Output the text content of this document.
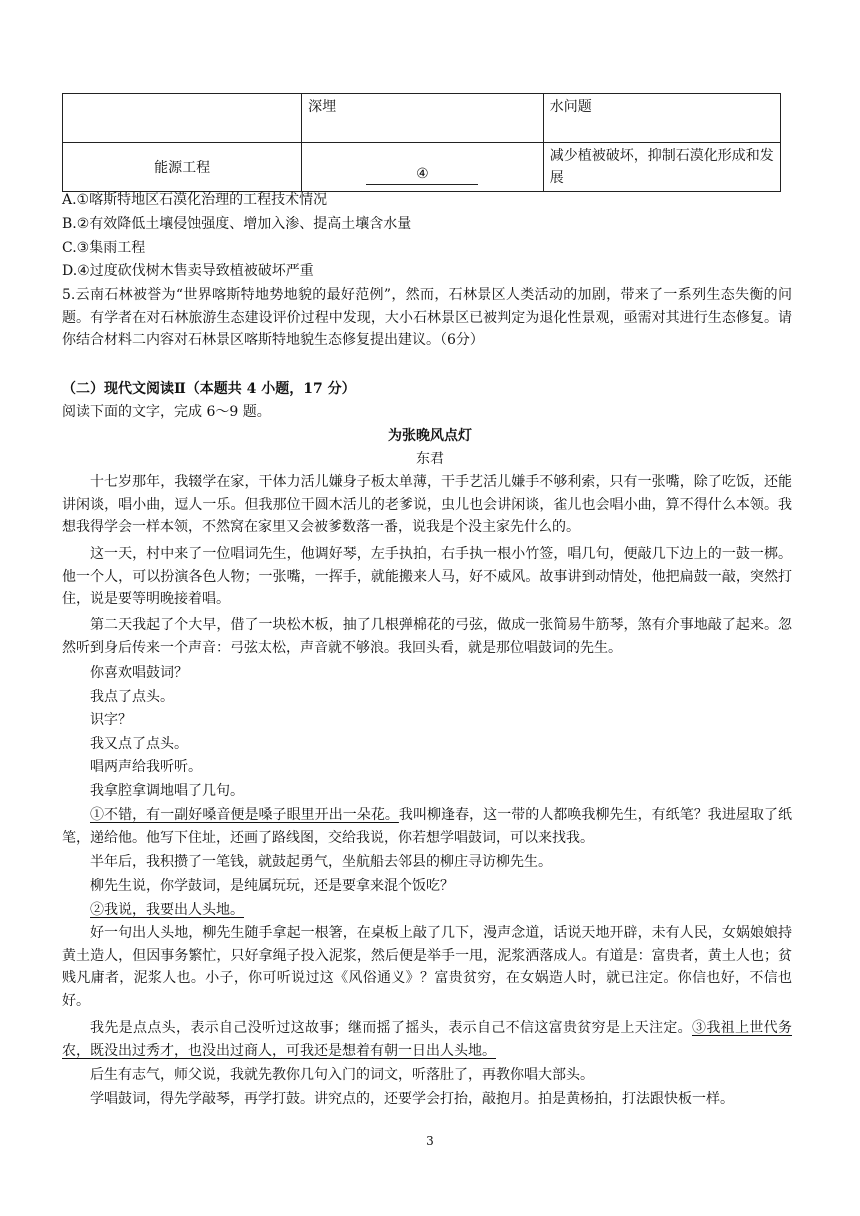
	深埋	水问题

能源工程	④	减少植被破坏，抑制石漠化形成和发展
A.①喀斯特地区石漠化治理的工程技术情况
B.②有效降低土壤侵蚀强度、增加入渗、提高土壤含水量
C.③集雨工程
D.④过度砍伐树木售卖导致植被破坏严重
5.云南石林被誉为“世界喀斯特地势地貌的最好范例”，然而，石林景区人类活动的加剧，带来了一系列生态失衡的问题。有学者在对石林旅游生态建设评价过程中发现，大小石林景区已被判定为退化性景观，亟需对其进行生态修复。请你结合材料二内容对石林景区喀斯特地貌生态修复提出建议。（6分）
（二）现代文阅读Ⅱ（本题共 4 小题，17 分）
阅读下面的文字，完成 6～9 题。
为张晚风点灯
东君
十七岁那年，我辍学在家，干体力活儿嫌身子板太单薄，干手艺活儿嫌手不够利索，只有一张嘴，除了吃饭，还能讲闲谈，唱小曲，逗人一乐。但我那位干圆木活儿的老爹说，虫儿也会讲闲谈，雀儿也会唱小曲，算不得什么本领。我想我得学会一样本领，不然窝在家里又会被爹数落一番，说我是个没主家先什么的。
这一天，村中来了一位唱词先生，他调好琴，左手执拍，右手执一根小竹签，唱几句，便敲几下边上的一鼓一梆。他一个人，可以扮演各色人物；一张嘴，一挥手，就能搬来人马，好不威风。故事讲到动情处，他把扁鼓一敲，突然打住，说是要等明晚接着唱。
第二天我起了个大早，借了一块松木板，抽了几根弹棉花的弓弦，做成一张简易牛筋琴，煞有介事地敲了起来。忽然听到身后传来一个声音：弓弦太松，声音就不够浪。我回头看，就是那位唱鼓词的先生。
你喜欢唱鼓词？
我点了点头。
识字？
我又点了点头。
唱两声给我听听。
我拿腔拿调地唱了几句。
①不错，有一副好嗓音便是嗓子眼里开出一朵花。我叫柳逢春，这一带的人都唤我柳先生，有纸笔？我进屋取了纸笔，递给他。他写下住址，还画了路线图，交给我说，你若想学唱鼓词，可以来找我。
半年后，我积攒了一笔钱，就鼓起勇气，坐航船去邻县的柳庄寻访柳先生。
柳先生说，你学鼓词，是纯属玩玩，还是要拿来混个饭吃？
②我说，我要出人头地。
好一句出人头地，柳先生随手拿起一根箸，在桌板上敲了几下，漫声念道，话说天地开辟，未有人民，女娲娘娘持黄土造人，但因事务繁忙，只好拿绳子投入泥浆，然后便是举手一甩，泥浆洒落成人。有道是：富贵者，黄土人也；贫贱凡庸者，泥浆人也。小子，你可听说过这《风俗通义》？富贵贫穷，在女娲造人时，就已注定。你信也好，不信也好。
我先是点点头，表示自己没听过这故事；继而摇了摇头，表示自己不信这富贵贫穷是上天注定。③我祖上世代务农，既没出过秀才，也没出过商人，可我还是想着有朝一日出人头地。
后生有志气，师父说，我就先教你几句入门的词文，听落肚了，再教你唱大部头。
学唱鼓词，得先学敲琴，再学打鼓。讲究点的，还要学会打抬，敲抱月。拍是黄杨拍，打法跟快板一样。
3
